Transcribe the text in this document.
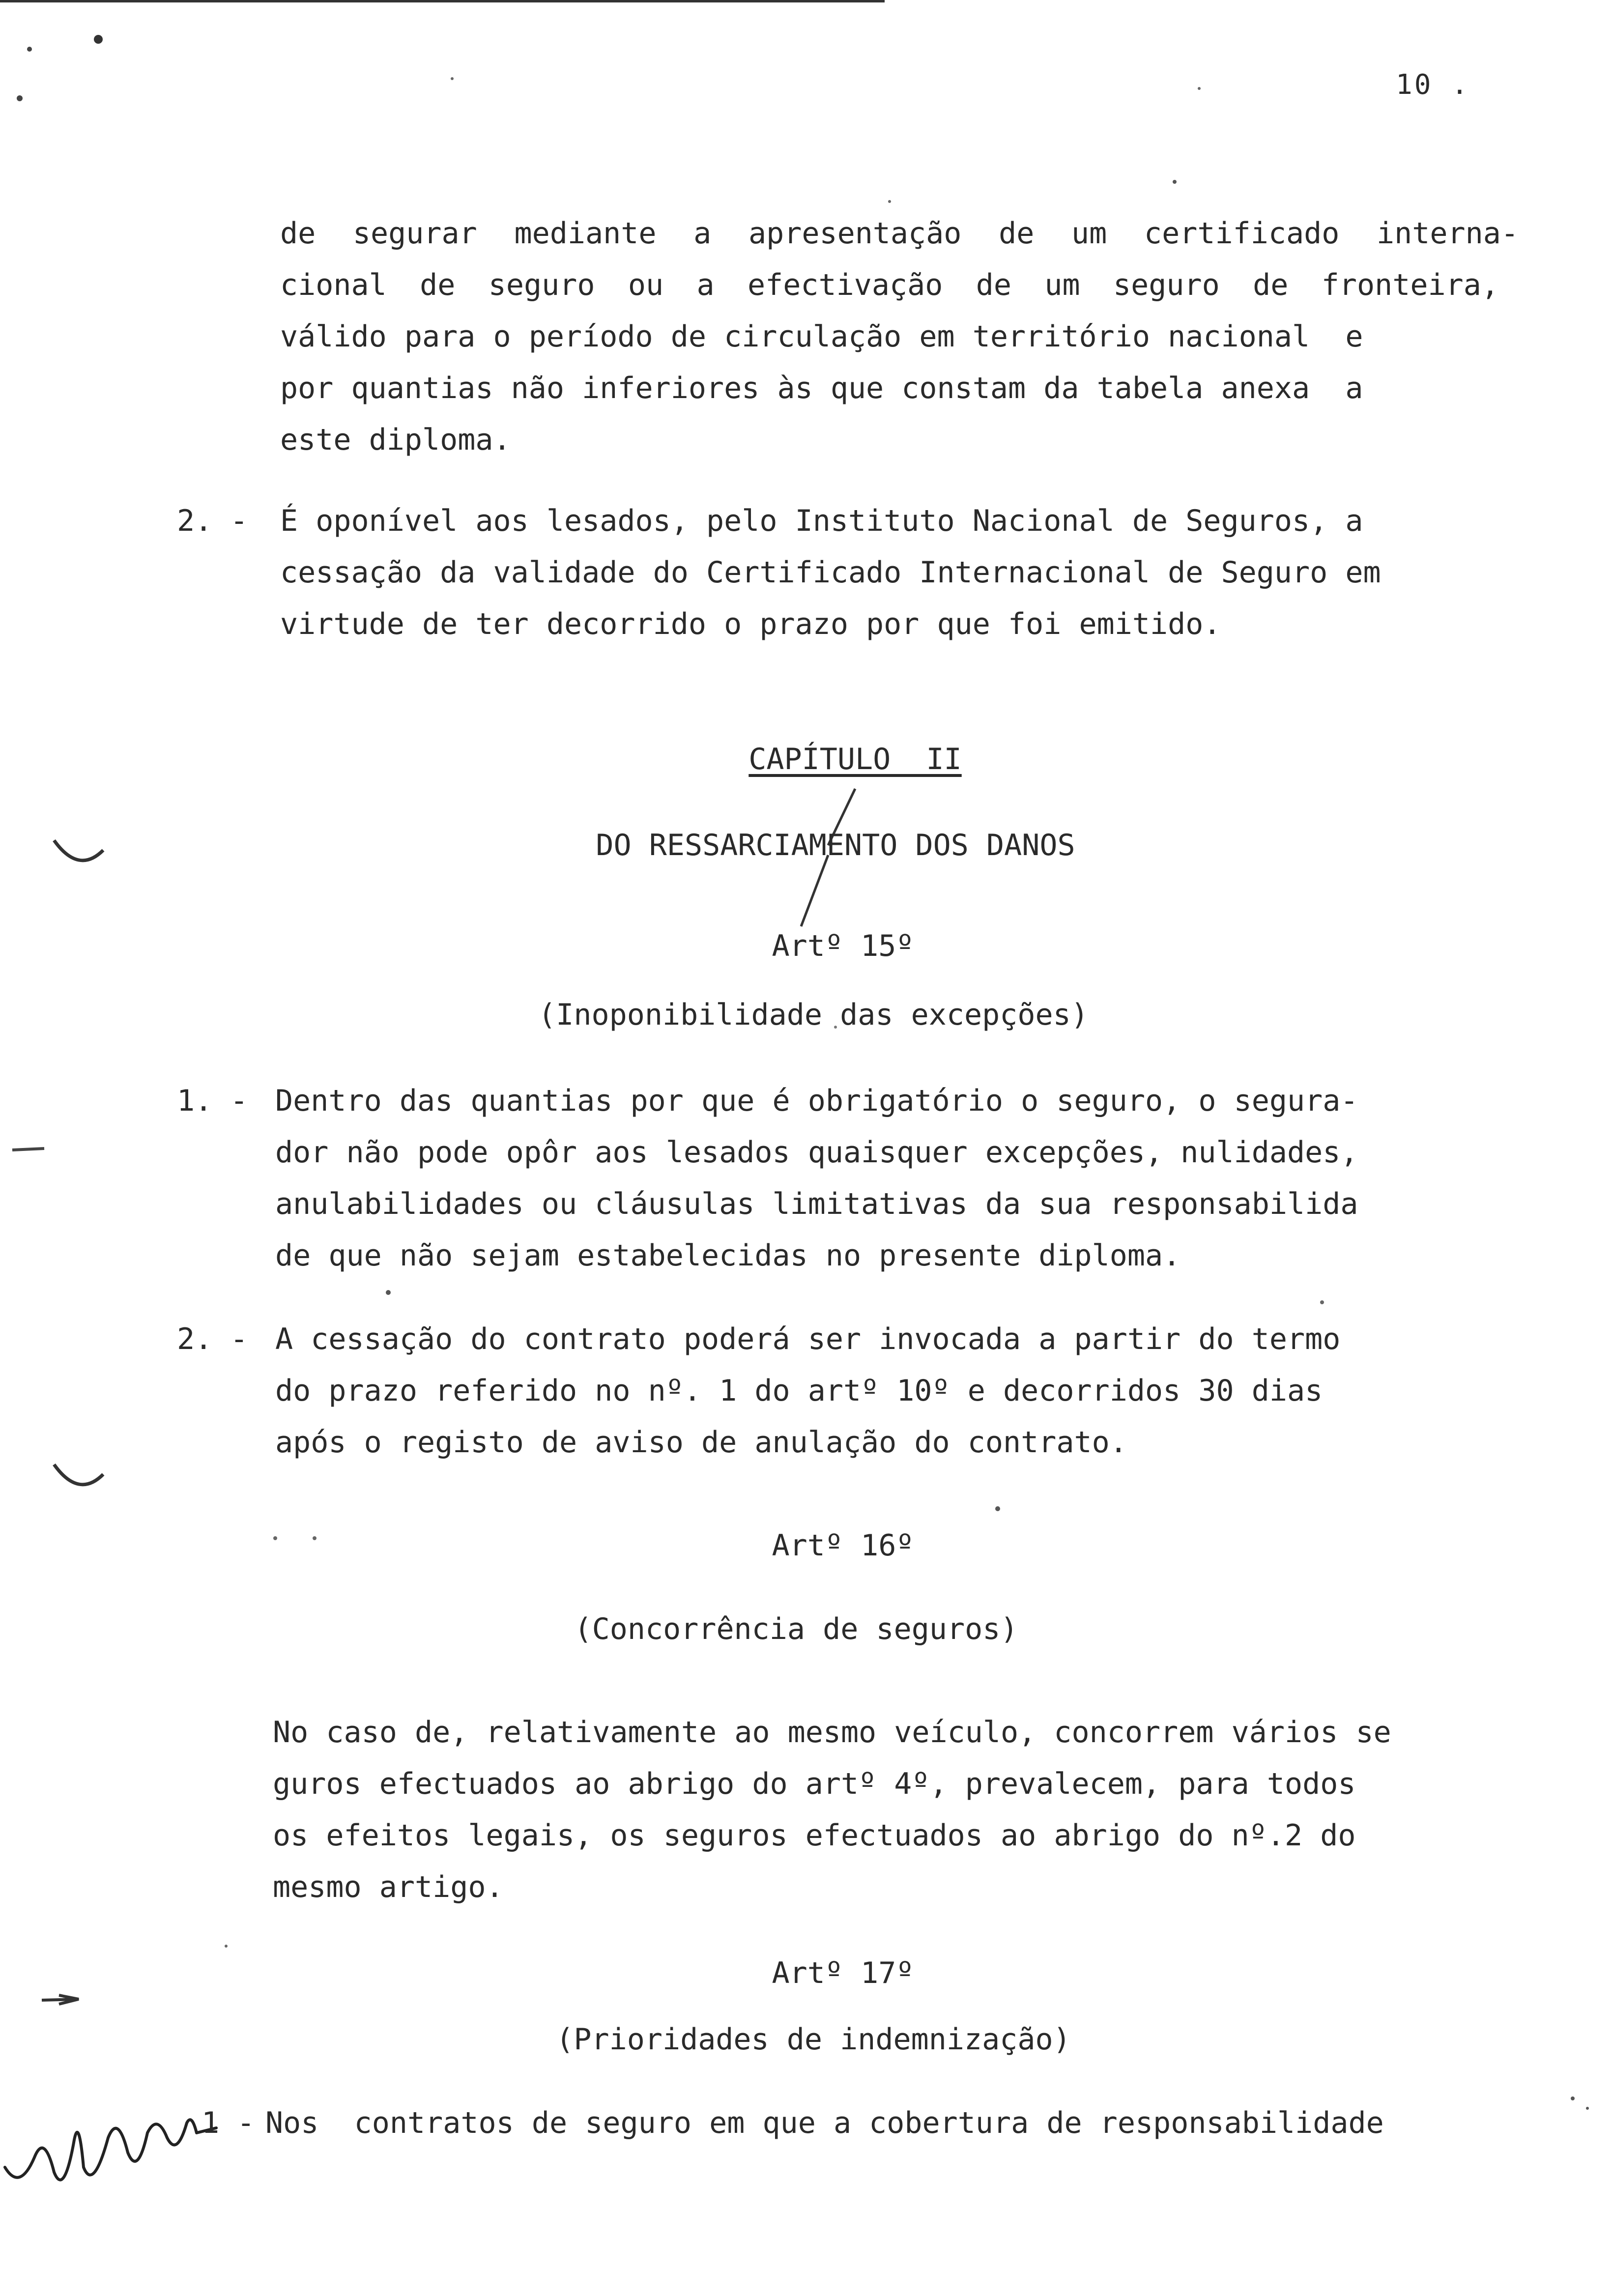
10 .
de segurar mediante a apresentação de um certificado interna-
cional de seguro ou a efectivação de um seguro de fronteira,
válido para o período de circulação em território nacional  e
por quantias não inferiores às que constam da tabela anexa  a
este diploma.
2. - É oponível aos lesados, pelo Instituto Nacional de Seguros, a
cessação da validade do Certificado Internacional de Seguro em
virtude de ter decorrido o prazo por que foi emitido.
CAPÍTULO  II
DO RESSARCIAMENTO DOS DANOS
Artº 15º
(Inoponibilidade das excepções)
1. - Dentro das quantias por que é obrigatório o seguro, o segura-
dor não pode opôr aos lesados quaisquer excepções, nulidades,
anulabilidades ou cláusulas limitativas da sua responsabilida
de que não sejam estabelecidas no presente diploma.
2. - A cessação do contrato poderá ser invocada a partir do termo
do prazo referido no nº. 1 do artº 10º e decorridos 30 dias
após o registo de aviso de anulação do contrato.
Artº 16º
(Concorrência de seguros)
No caso de, relativamente ao mesmo veículo, concorrem vários se
guros efectuados ao abrigo do artº 4º, prevalecem, para todos
os efeitos legais, os seguros efectuados ao abrigo do nº.2 do
mesmo artigo.
Artº 17º
(Prioridades de indemnização)
1 - Nos  contratos de seguro em que a cobertura de responsabilidade
